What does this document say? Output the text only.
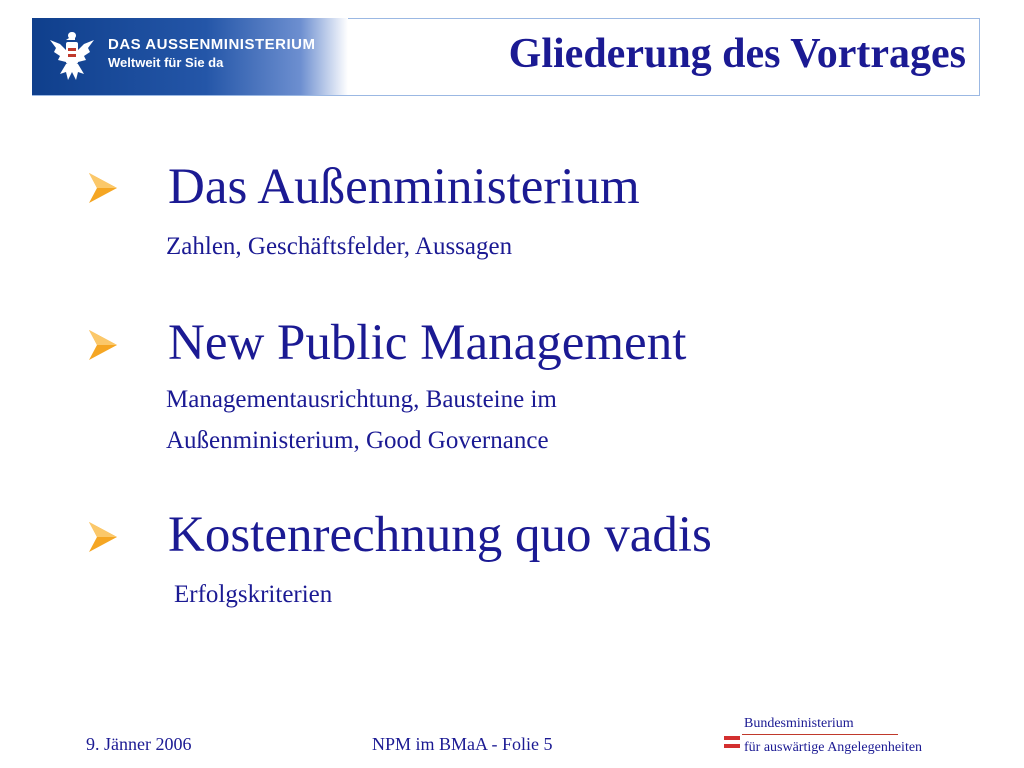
DAS AUSSENMINISTERIUM
Weltweit für Sie da	Gliederung des Vortrages
Das Außenministerium
Zahlen, Geschäftsfelder, Aussagen
New Public Management
Managementausrichtung, Bausteine im
Außenministerium, Good Governance
Kostenrechnung quo vadis
Erfolgskriterien
9. Jänner 2006	NPM im BMaA - Folie 5
Bundesministerium
für auswärtige Angelegenheiten
